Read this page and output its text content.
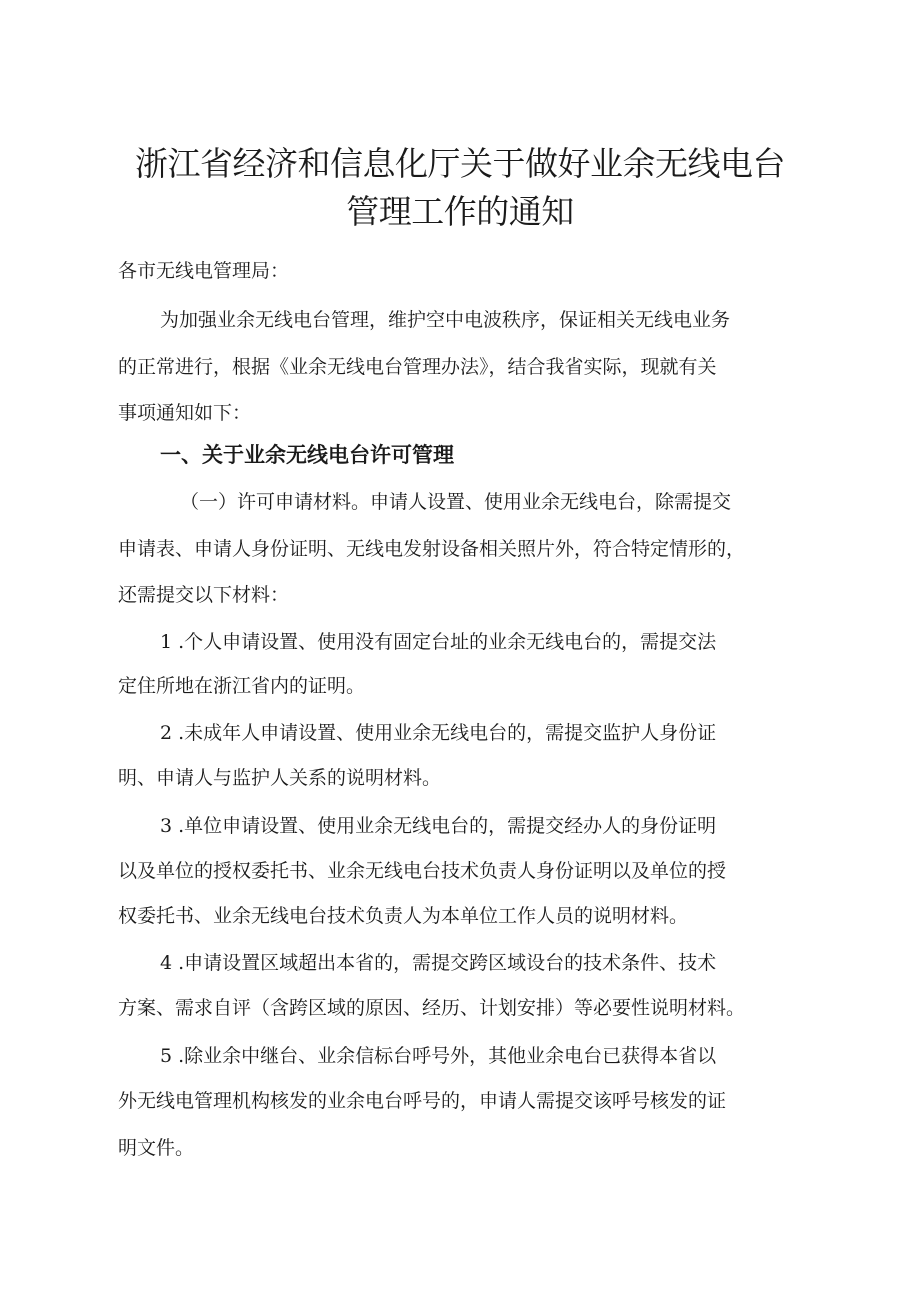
浙江省经济和信息化厅关于做好业余无线电台
管理工作的通知

各市无线电管理局：

为加强业余无线电台管理，维护空中电波秩序，保证相关无线电业务

的正常进行，根据《业余无线电台管理办法》，结合我省实际，现就有关

事项通知如下：

一、关于业余无线电台许可管理

（一）许可申请材料。申请人设置、使用业余无线电台，除需提交

申请表、申请人身份证明、无线电发射设备相关照片外，符合特定情形的，

还需提交以下材料：

1 .个人申请设置、使用没有固定台址的业余无线电台的，需提交法

定住所地在浙江省内的证明。

2 .未成年人申请设置、使用业余无线电台的，需提交监护人身份证

明、申请人与监护人关系的说明材料。

3 .单位申请设置、使用业余无线电台的，需提交经办人的身份证明

以及单位的授权委托书、业余无线电台技术负责人身份证明以及单位的授

权委托书、业余无线电台技术负责人为本单位工作人员的说明材料。

4 .申请设置区域超出本省的，需提交跨区域设台的技术条件、技术

方案、需求自评（含跨区域的原因、经历、计划安排）等必要性说明材料。

5 .除业余中继台、业余信标台呼号外，其他业余电台已获得本省以

外无线电管理机构核发的业余电台呼号的，申请人需提交该呼号核发的证

明文件。
